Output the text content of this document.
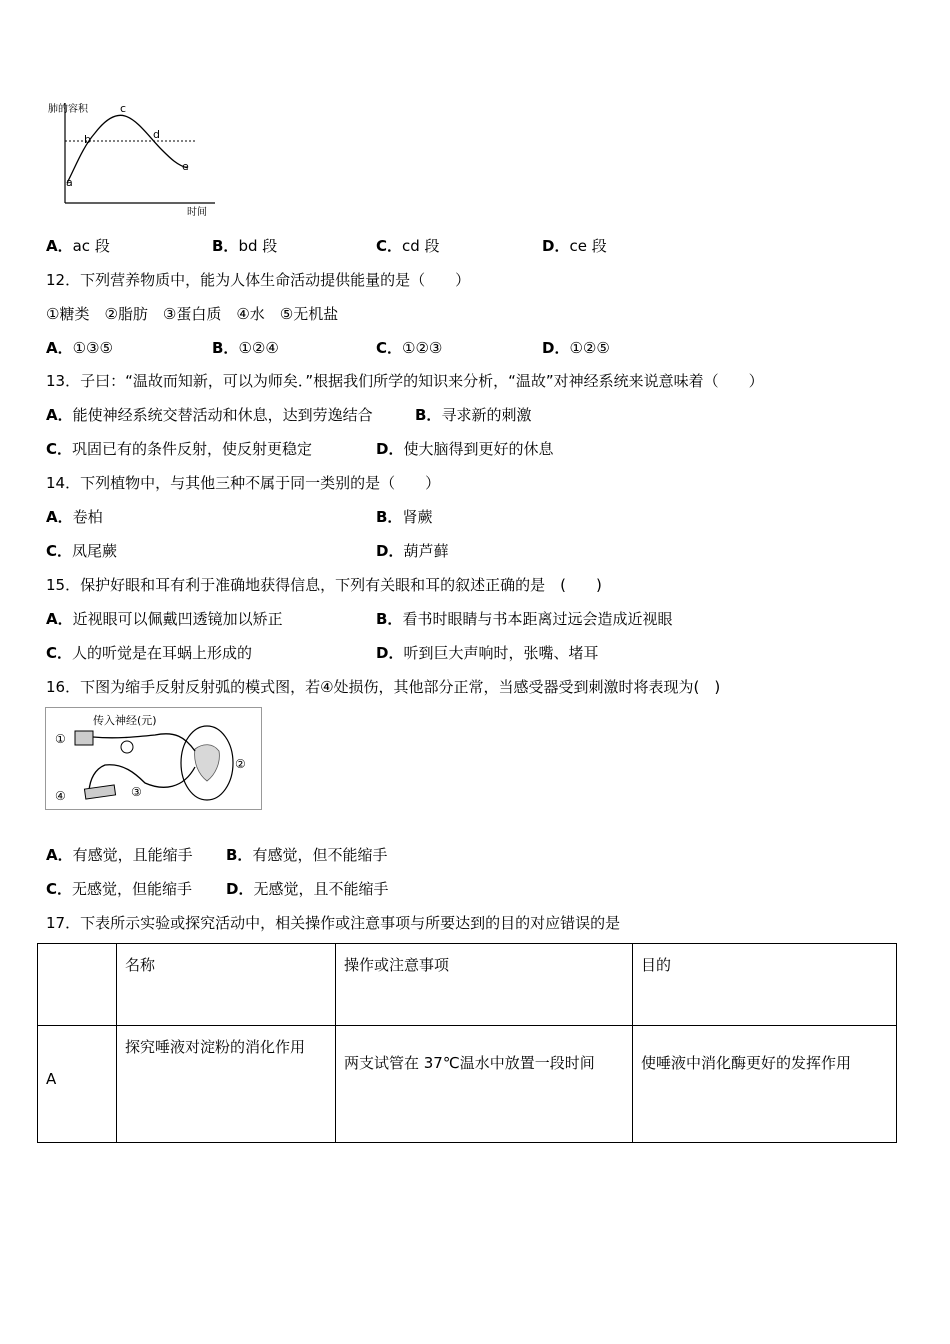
肺的容积
a
b
c
d
e
时间
A．ac 段	B．bd 段	C．cd 段	D．ce 段
12．下列营养物质中，能为人体生命活动提供能量的是（　　）
①糖类　②脂肪　③蛋白质　④水　⑤无机盐
A．①③⑤	B．①②④	C．①②③	D．①②⑤
13．子曰：“温故而知新，可以为师矣．”根据我们所学的知识来分析，“温故”对神经系统来说意味着（　　）
A．能使神经系统交替活动和休息，达到劳逸结合	B．寻求新的刺激
C．巩固已有的条件反射，使反射更稳定	D．使大脑得到更好的休息
14．下列植物中，与其他三种不属于同一类别的是（　　）
A．卷柏	B．肾蕨
C．凤尾蕨	D．葫芦藓
15．保护好眼和耳有利于准确地获得信息，下列有关眼和耳的叙述正确的是　(　　)
A．近视眼可以佩戴凹透镜加以矫正	B．看书时眼睛与书本距离过远会造成近视眼
C．人的听觉是在耳蜗上形成的	D．听到巨大声响时，张嘴、堵耳
16．下图为缩手反射反射弧的模式图，若④处损伤，其他部分正常，当感受器受到刺激时将表现为(　)
传入神经(元)
①
②
③
④
A．有感觉，且能缩手 B．有感觉，但不能缩手
C．无感觉，但能缩手 D．无感觉，且不能缩手
17．下表所示实验或探究活动中，相关操作或注意事项与所要达到的目的对应错误的是
	名称	操作或注意事项	目的
A	探究唾液对淀粉的消化作用	两支试管在 37℃温水中放置一段时间	使唾液中消化酶更好的发挥作用
